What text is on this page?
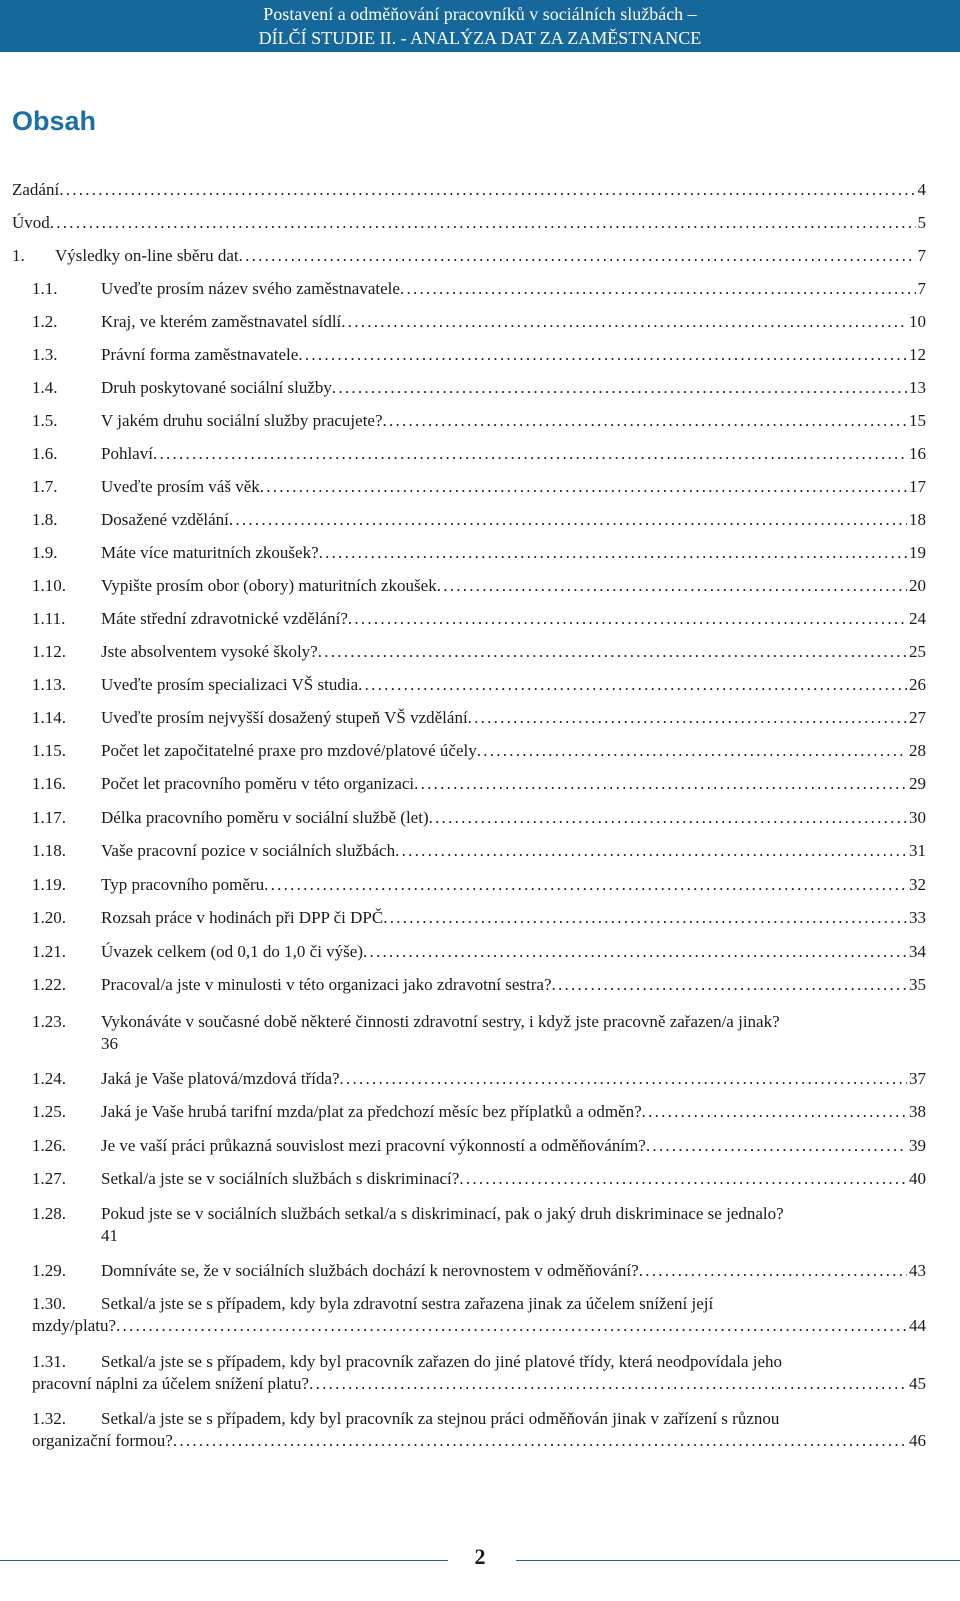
Postavení a odměňování pracovníků v sociálních službách –
DÍLČÍ STUDIE II. - ANALÝZA DAT ZA ZAMĚSTNANCE
Obsah
Zadání . . .	4
Úvod . . .	5
1.	Výsledky on-line sběru dat . . .	7
1.1.	Uveďte prosím název svého zaměstnavatele . . .	7
1.2.	Kraj, ve kterém zaměstnavatel sídlí . . .	10
1.3.	Právní forma zaměstnavatele . . .	12
1.4.	Druh poskytované sociální služby . . .	13
1.5.	V jakém druhu sociální služby pracujete? . . .	15
1.6.	Pohlaví . . .	16
1.7.	Uveďte prosím váš věk . . .	17
1.8.	Dosažené vzdělání . . .	18
1.9.	Máte více maturitních zkoušek? . . .	19
1.10.	Vypište prosím obor (obory) maturitních zkoušek . . .	20
1.11.	Máte střední zdravotnické vzdělání? . . .	24
1.12.	Jste absolventem vysoké školy? . . .	25
1.13.	Uveďte prosím specializaci VŠ studia . . .	26
1.14.	Uveďte prosím nejvyšší dosažený stupeň VŠ vzdělání . . .	27
1.15.	Počet let započitatelné praxe pro mzdové/platové účely . . .	28
1.16.	Počet let pracovního poměru v této organizaci . . .	29
1.17.	Délka pracovního poměru v sociální službě (let) . . .	30
1.18.	Vaše pracovní pozice v sociálních službách . . .	31
1.19.	Typ pracovního poměru . . .	32
1.20.	Rozsah práce v hodinách při DPP či DPČ . . .	33
1.21.	Úvazek celkem (od 0,1 do 1,0 či výše) . . .	34
1.22.	Pracoval/a jste v minulosti v této organizaci jako zdravotní sestra? . . .	35
1.23.	Vykonáváte v současné době některé činnosti zdravotní sestry, i když jste pracovně zařazen/a jinak?
36
1.24.	Jaká je Vaše platová/mzdová třída? . . .	37
1.25.	Jaká je Vaše hrubá tarifní mzda/plat za předchozí měsíc bez příplatků a odměn? . . .	38
1.26.	Je ve vaší práci průkazná souvislost mezi pracovní výkonností a odměňováním? . . .	39
1.27.	Setkal/a jste se v sociálních službách s diskriminací? . . .	40
1.28.	Pokud jste se v sociálních službách setkal/a s diskriminací, pak o jaký druh diskriminace se jednalo?
41
1.29.	Domníváte se, že v sociálních službách dochází k nerovnostem v odměňování? . . .	43
1.30.	Setkal/a jste se s případem, kdy byla zdravotní sestra zařazena jinak za účelem snížení její
mzdy/platu? . . .	44
1.31.	Setkal/a jste se s případem, kdy byl pracovník zařazen do jiné platové třídy, která neodpovídala jeho
pracovní náplni za účelem snížení platu? . . .	45
1.32.	Setkal/a jste se s případem, kdy byl pracovník za stejnou práci odměňován jinak v zařízení s různou
organizační formou? . . .	46
2
